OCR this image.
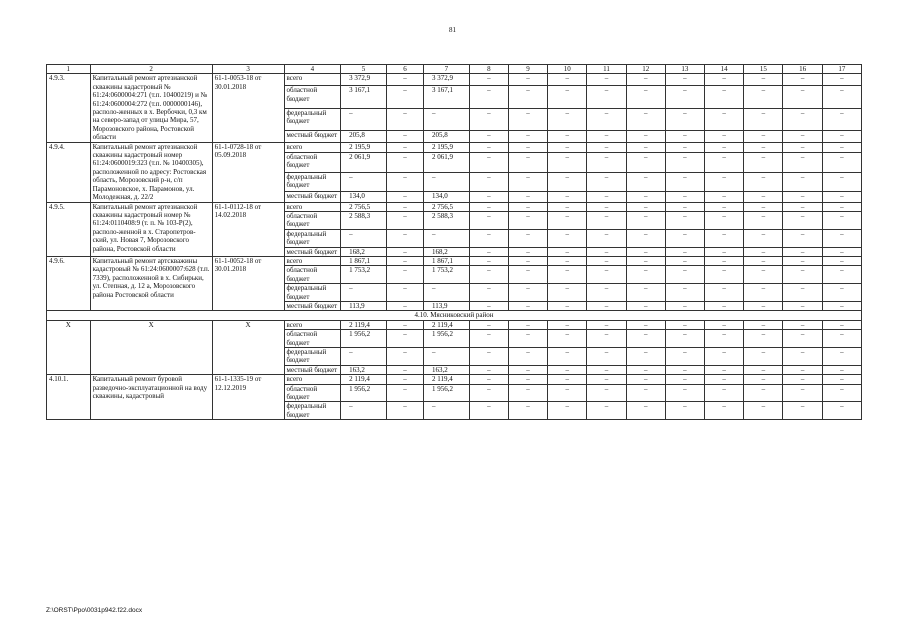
81
1	2	3	4	5	6	7	8	9	10	11	12	13	14	15	16	17
4.9.3.	Капитальный ремонт артезианской скважины кадастровый № 61:24:0600004:271 (т.п. 10400219) и № 61:24:0600004:272 (т.п. 0000000146), располо-женных в х. Вербочки, 0,3 км на северо-запад от улицы Мира, 57, Морозовского района, Ростовской области	61-1-0053-18 от 30.01.2018	всего	3 372,9	–	3 372,9	–	–	–	–	–	–	–	–	–	–
			областной бюджет	3 167,1	–	3 167,1	–	–	–	–	–	–	–	–	–	–
			федеральный бюджет	–	–	–	–	–	–	–	–	–	–	–	–	–
			местный бюджет	205,8	–	205,8	–	–	–	–	–	–	–	–	–	–
4.9.4.	Капитальный ремонт артезианской скважины кадастровый номер 61:24:0600019:323 (т.п. № 10400305), расположенной по адресу: Ростовская область, Морозовский р-н, с/п Парамоновское, х. Парамонов, ул. Молодежная, д. 22/2	61-1-0728-18 от 05.09.2018	всего	2 195,9	–	2 195,9	–	–	–	–	–	–	–	–	–	–
			областной бюджет	2 061,9	–	2 061,9	–	–	–	–	–	–	–	–	–	–
			федеральный бюджет	–	–	–	–	–	–	–	–	–	–	–	–	–
			местный бюджет	134,0	–	134,0	–	–	–	–	–	–	–	–	–	–
4.9.5.	Капитальный ремонт артезианской скважины кадастровый номер № 61:24:0110408:9 (т. п. № 103-Р(2), располо-женной в х. Старопетров-ский, ул. Новая 7, Морозовского района, Ростовской области	61-1-0112-18 от 14.02.2018	всего	2 756,5	–	2 756,5	–	–	–	–	–	–	–	–	–	–
			областной бюджет	2 588,3	–	2 588,3	–	–	–	–	–	–	–	–	–	–
			федеральный бюджет	–	–	–	–	–	–	–	–	–	–	–	–	–
			местный бюджет	168,2	–	168,2	–	–	–	–	–	–	–	–	–	–
4.9.6.	Капитальный ремонт артскважины кадастровый № 61:24:0600007:628 (т.п. 7339), расположенной в х. Сибирьки, ул. Степная, д. 12 а, Морозовского района Ростовской области	61-1-0052-18 от 30.01.2018	всего	1 867,1	–	1 867,1	–	–	–	–	–	–	–	–	–	–
			областной бюджет	1 753,2	–	1 753,2	–	–	–	–	–	–	–	–	–	–
			федеральный бюджет	–	–	–	–	–	–	–	–	–	–	–	–	–
			местный бюджет	113,9	–	113,9	–	–	–	–	–	–	–	–	–	–
4.10. Мясниковский район																
X	X	X	всего	2 119,4	–	2 119,4	–	–	–	–	–	–	–	–	–	–
			областной бюджет	1 956,2	–	1 956,2	–	–	–	–	–	–	–	–	–	–
			федеральный бюджет	–	–	–	–	–	–	–	–	–	–	–	–	–
			местный бюджет	163,2	–	163,2	–	–	–	–	–	–	–	–	–	–
4.10.1.	Капитальный ремонт буровой разведочно-эксплуатационной на воду скважины, кадастровый	61-1-1335-19 от 12.12.2019	всего	2 119,4	–	2 119,4	–	–	–	–	–	–	–	–	–	–
			областной бюджет	1 956,2	–	1 956,2	–	–	–	–	–	–	–	–	–	–
			федеральный бюджет	–	–	–	–	–	–	–	–	–	–	–	–	–
Z:\ORST\Ppo\0031p942.f22.docx
